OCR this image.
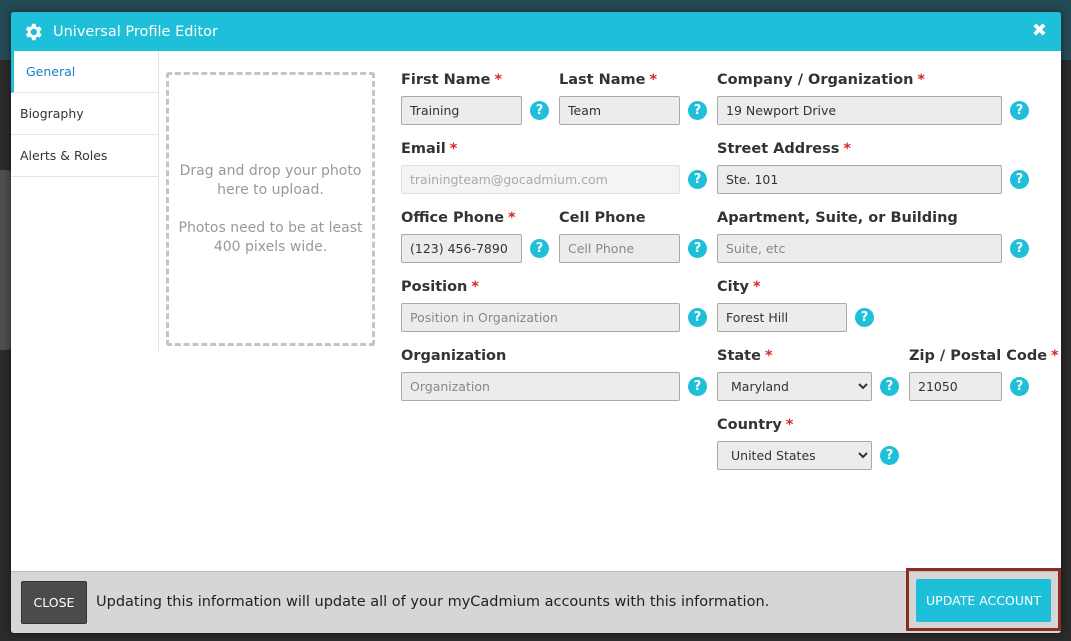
Universal Profile Editor	✖
General
Biography
Alerts & Roles

Drag and drop your photo here to upload.

Photos need to be at least 400 pixels wide.

First Name *
Training
?
Last Name *
Team
?
Company / Organization *
19 Newport Drive
?
Email *
trainingteam@gocadmium.com
?
Street Address *
Ste. 101
?
Office Phone *
(123) 456-7890
?
Cell Phone
Cell Phone
?
Apartment, Suite, or Building
Suite, etc
?
Position *
Position in Organization
?
City *
Forest Hill
?
Organization
Organization
?
State *
Maryland
?
Zip / Postal Code *
21050
?
Country *
United States
?
CLOSE	Updating this information will update all of your myCadmium accounts with this information.	UPDATE ACCOUNT
